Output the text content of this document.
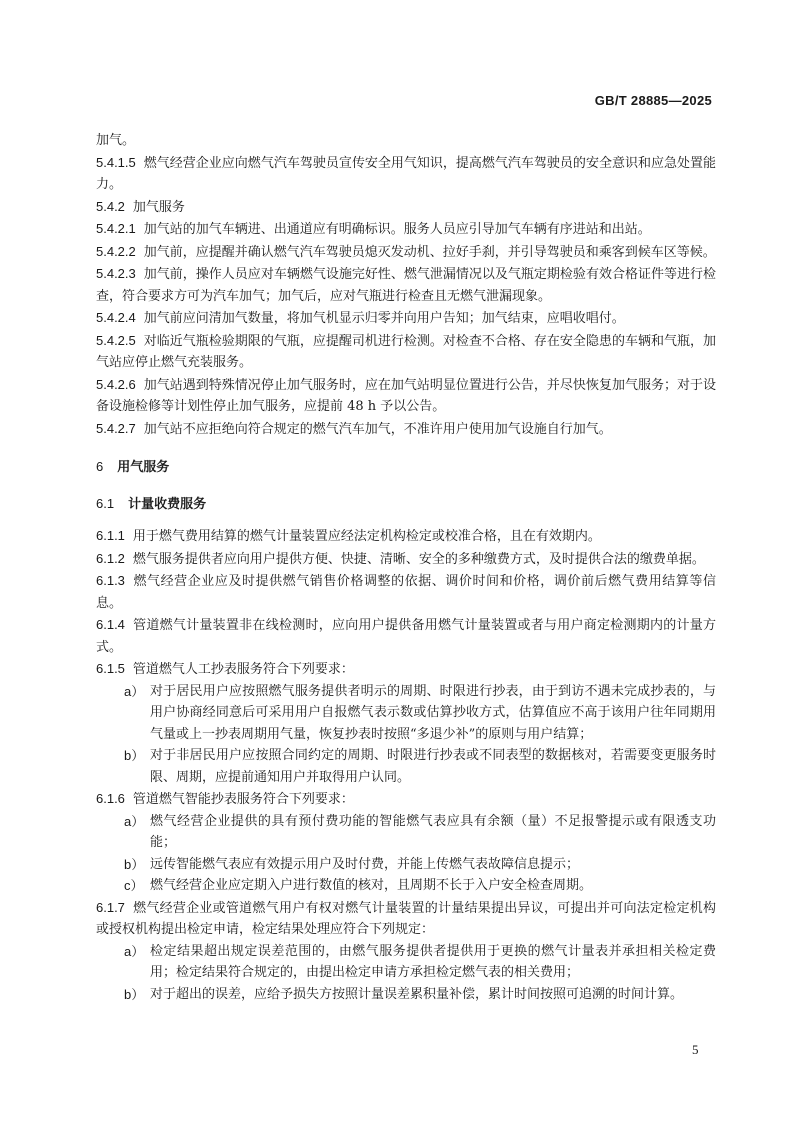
GB/T 28885—2025

加气。

5.4.1.5 燃气经营企业应向燃气汽车驾驶员宣传安全用气知识，提高燃气汽车驾驶员的安全意识和应急处置能力。

5.4.2 加气服务

5.4.2.1 加气站的加气车辆进、出通道应有明确标识。服务人员应引导加气车辆有序进站和出站。

5.4.2.2 加气前，应提醒并确认燃气汽车驾驶员熄灭发动机、拉好手刹，并引导驾驶员和乘客到候车区等候。

5.4.2.3 加气前，操作人员应对车辆燃气设施完好性、燃气泄漏情况以及气瓶定期检验有效合格证件等进行检查，符合要求方可为汽车加气；加气后，应对气瓶进行检查且无燃气泄漏现象。

5.4.2.4 加气前应问清加气数量，将加气机显示归零并向用户告知；加气结束，应唱收唱付。

5.4.2.5 对临近气瓶检验期限的气瓶，应提醒司机进行检测。对检查不合格、存在安全隐患的车辆和气瓶，加气站应停止燃气充装服务。

5.4.2.6 加气站遇到特殊情况停止加气服务时，应在加气站明显位置进行公告，并尽快恢复加气服务；对于设备设施检修等计划性停止加气服务，应提前 48 h 予以公告。

5.4.2.7 加气站不应拒绝向符合规定的燃气汽车加气，不准许用户使用加气设施自行加气。

6 用气服务

6.1 计量收费服务

6.1.1 用于燃气费用结算的燃气计量装置应经法定机构检定或校准合格，且在有效期内。

6.1.2 燃气服务提供者应向用户提供方便、快捷、清晰、安全的多种缴费方式，及时提供合法的缴费单据。

6.1.3 燃气经营企业应及时提供燃气销售价格调整的依据、调价时间和价格，调价前后燃气费用结算等信息。

6.1.4 管道燃气计量装置非在线检测时，应向用户提供备用燃气计量装置或者与用户商定检测期内的计量方式。

6.1.5 管道燃气人工抄表服务符合下列要求：

a） 对于居民用户应按照燃气服务提供者明示的周期、时限进行抄表，由于到访不遇未完成抄表的，与用户协商经同意后可采用用户自报燃气表示数或估算抄收方式，估算值应不高于该用户往年同期用气量或上一抄表周期用气量，恢复抄表时按照“多退少补”的原则与用户结算；
b） 对于非居民用户应按照合同约定的周期、时限进行抄表或不同表型的数据核对，若需要变更服务时限、周期，应提前通知用户并取得用户认同。

6.1.6 管道燃气智能抄表服务符合下列要求：

a） 燃气经营企业提供的具有预付费功能的智能燃气表应具有余额（量）不足报警提示或有限透支功能；
b） 远传智能燃气表应有效提示用户及时付费，并能上传燃气表故障信息提示；
c） 燃气经营企业应定期入户进行数值的核对，且周期不长于入户安全检查周期。

6.1.7 燃气经营企业或管道燃气用户有权对燃气计量装置的计量结果提出异议，可提出并可向法定检定机构或授权机构提出检定申请，检定结果处理应符合下列规定：

a） 检定结果超出规定误差范围的，由燃气服务提供者提供用于更换的燃气计量表并承担相关检定费用；检定结果符合规定的，由提出检定申请方承担检定燃气表的相关费用；
b） 对于超出的误差，应给予损失方按照计量误差累积量补偿，累计时间按照可追溯的时间计算。
5
